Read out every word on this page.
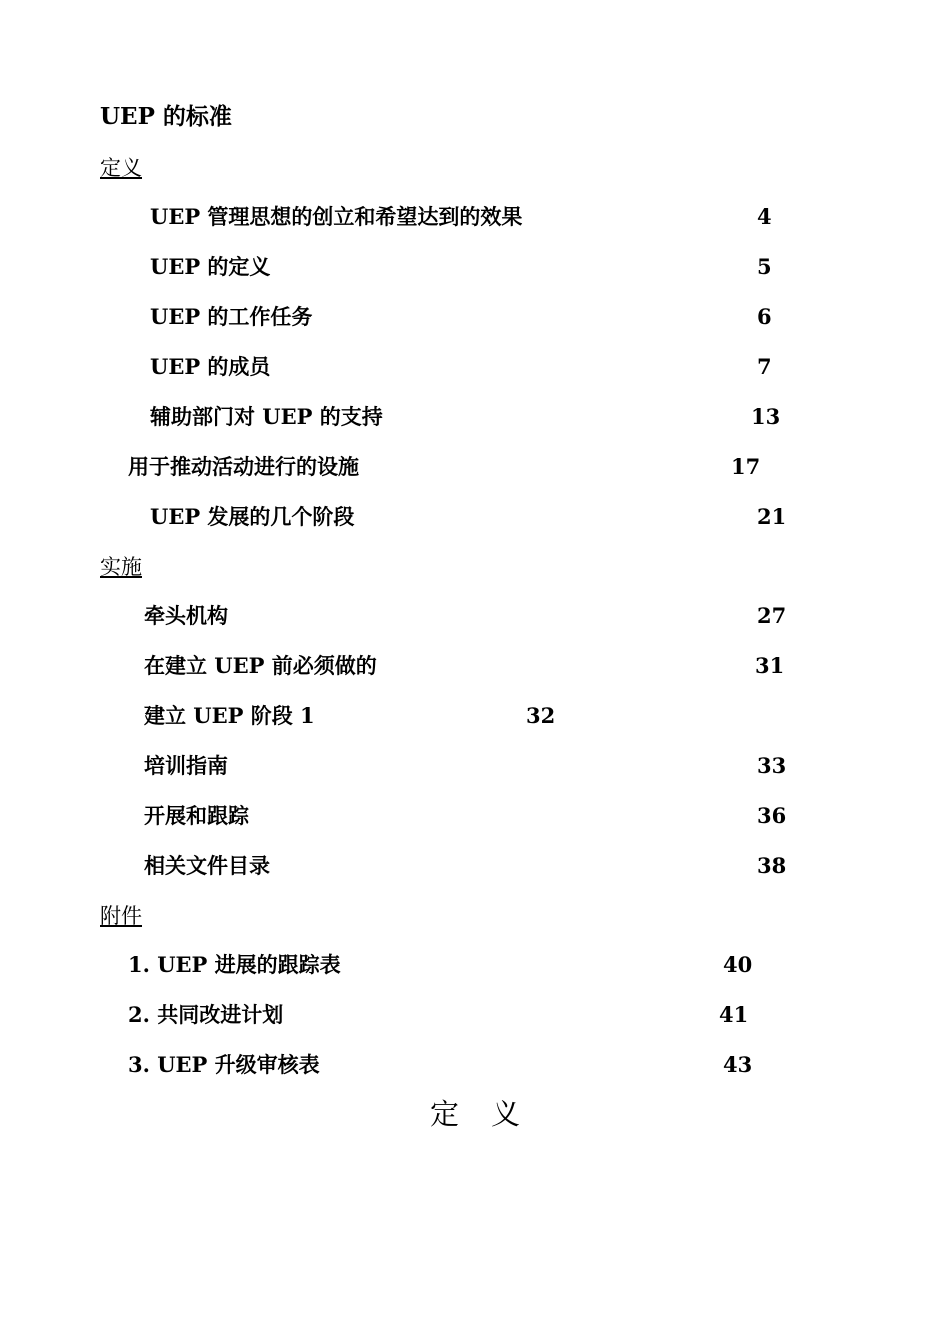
UEP 的标准
定义
UEP 管理思想的创立和希望达到的效果	4
UEP 的定义	5
UEP 的工作任务	6
UEP 的成员	7
辅助部门对 UEP 的支持	13
用于推动活动进行的设施	17
UEP 发展的几个阶段	21
实施
牵头机构	27
在建立 UEP 前必须做的	31
建立 UEP 阶段 1	32
培训指南	33
开展和跟踪	36
相关文件目录	38
附件
1. UEP 进展的跟踪表	40
2. 共同改进计划	41
3. UEP 升级审核表	43
定 义
